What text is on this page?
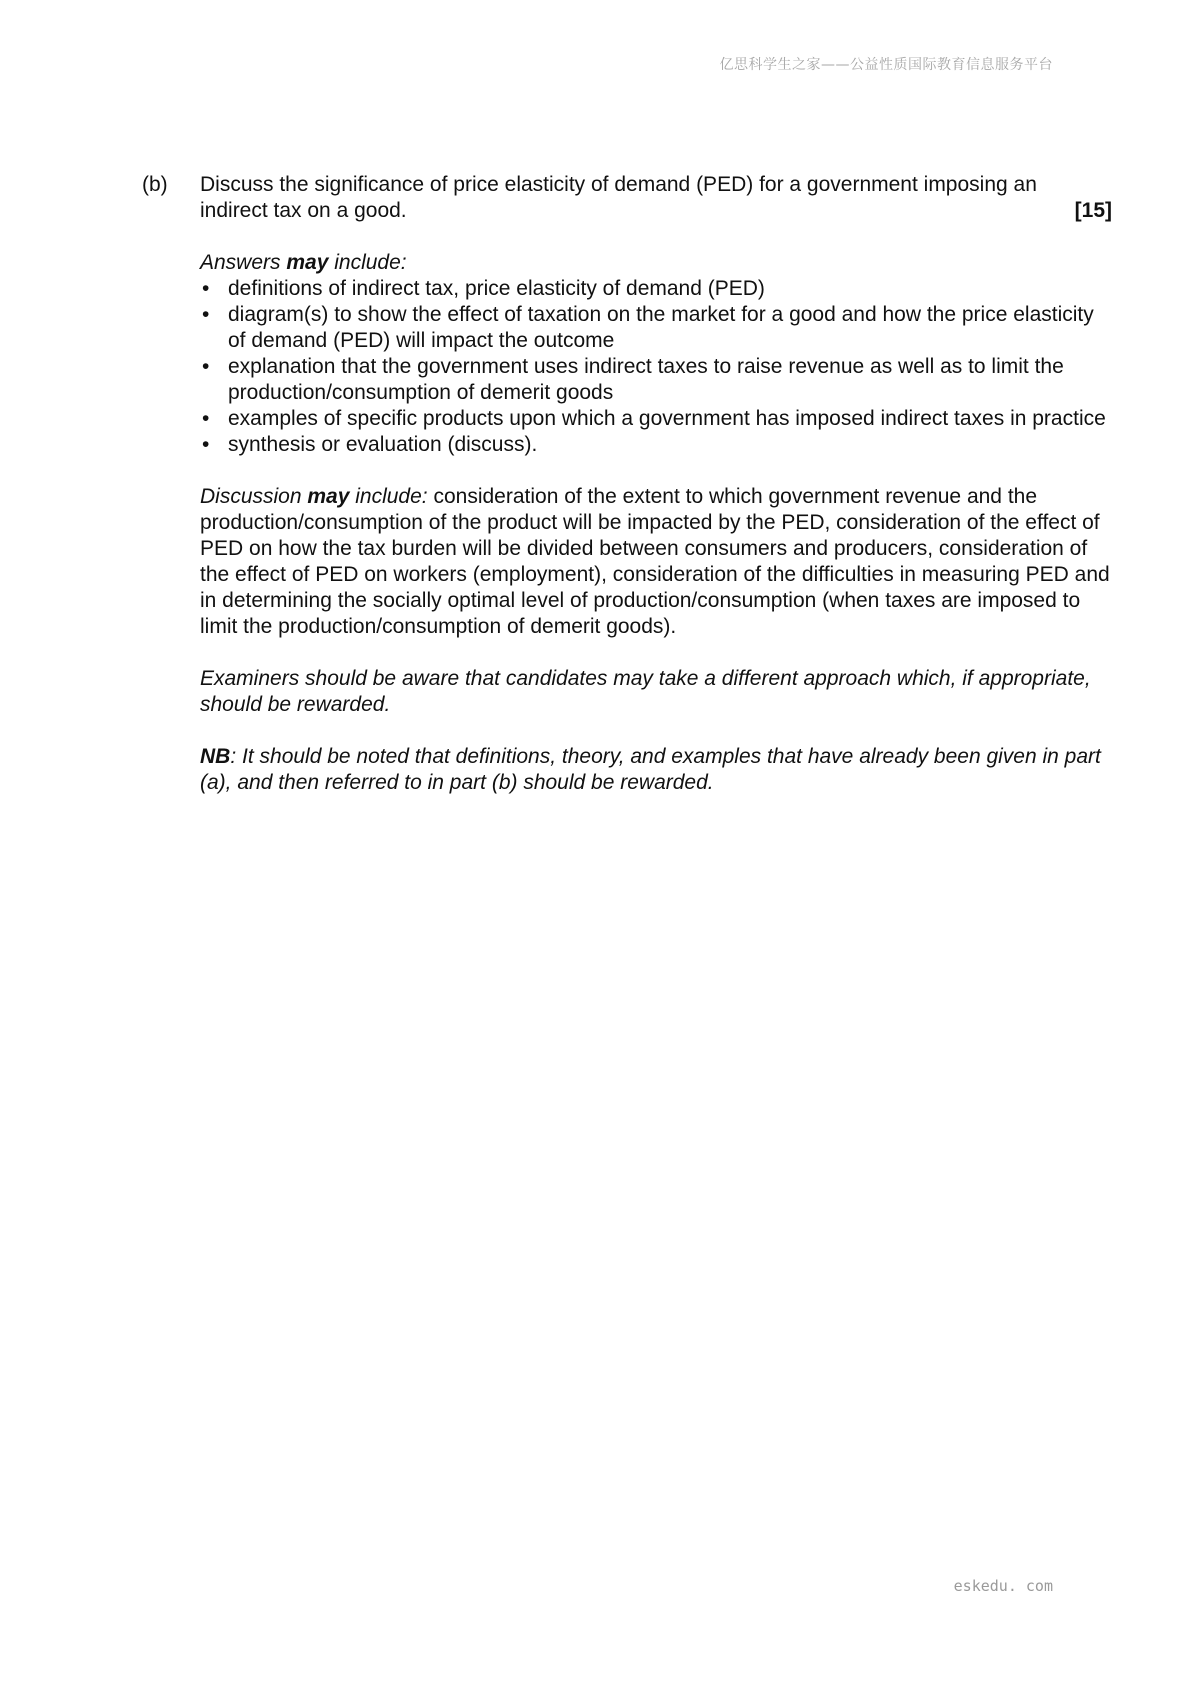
亿思科学生之家——公益性质国际教育信息服务平台
(b) Discuss the significance of price elasticity of demand (PED) for a government imposing an indirect tax on a good.	[15]

Answers may include:

• definitions of indirect tax, price elasticity of demand (PED)
• diagram(s) to show the effect of taxation on the market for a good and how the price elasticity of demand (PED) will impact the outcome
• explanation that the government uses indirect taxes to raise revenue as well as to limit the production/consumption of demerit goods
• examples of specific products upon which a government has imposed indirect taxes in practice
• synthesis or evaluation (discuss).

Discussion may include: consideration of the extent to which government revenue and the production/consumption of the product will be impacted by the PED, consideration of the effect of PED on how the tax burden will be divided between consumers and producers, consideration of the effect of PED on workers (employment), consideration of the difficulties in measuring PED and in determining the socially optimal level of production/consumption (when taxes are imposed to limit the production/consumption of demerit goods).

Examiners should be aware that candidates may take a different approach which, if appropriate, should be rewarded.

NB: It should be noted that definitions, theory, and examples that have already been given in part (a), and then referred to in part (b) should be rewarded.

eskedu. com
